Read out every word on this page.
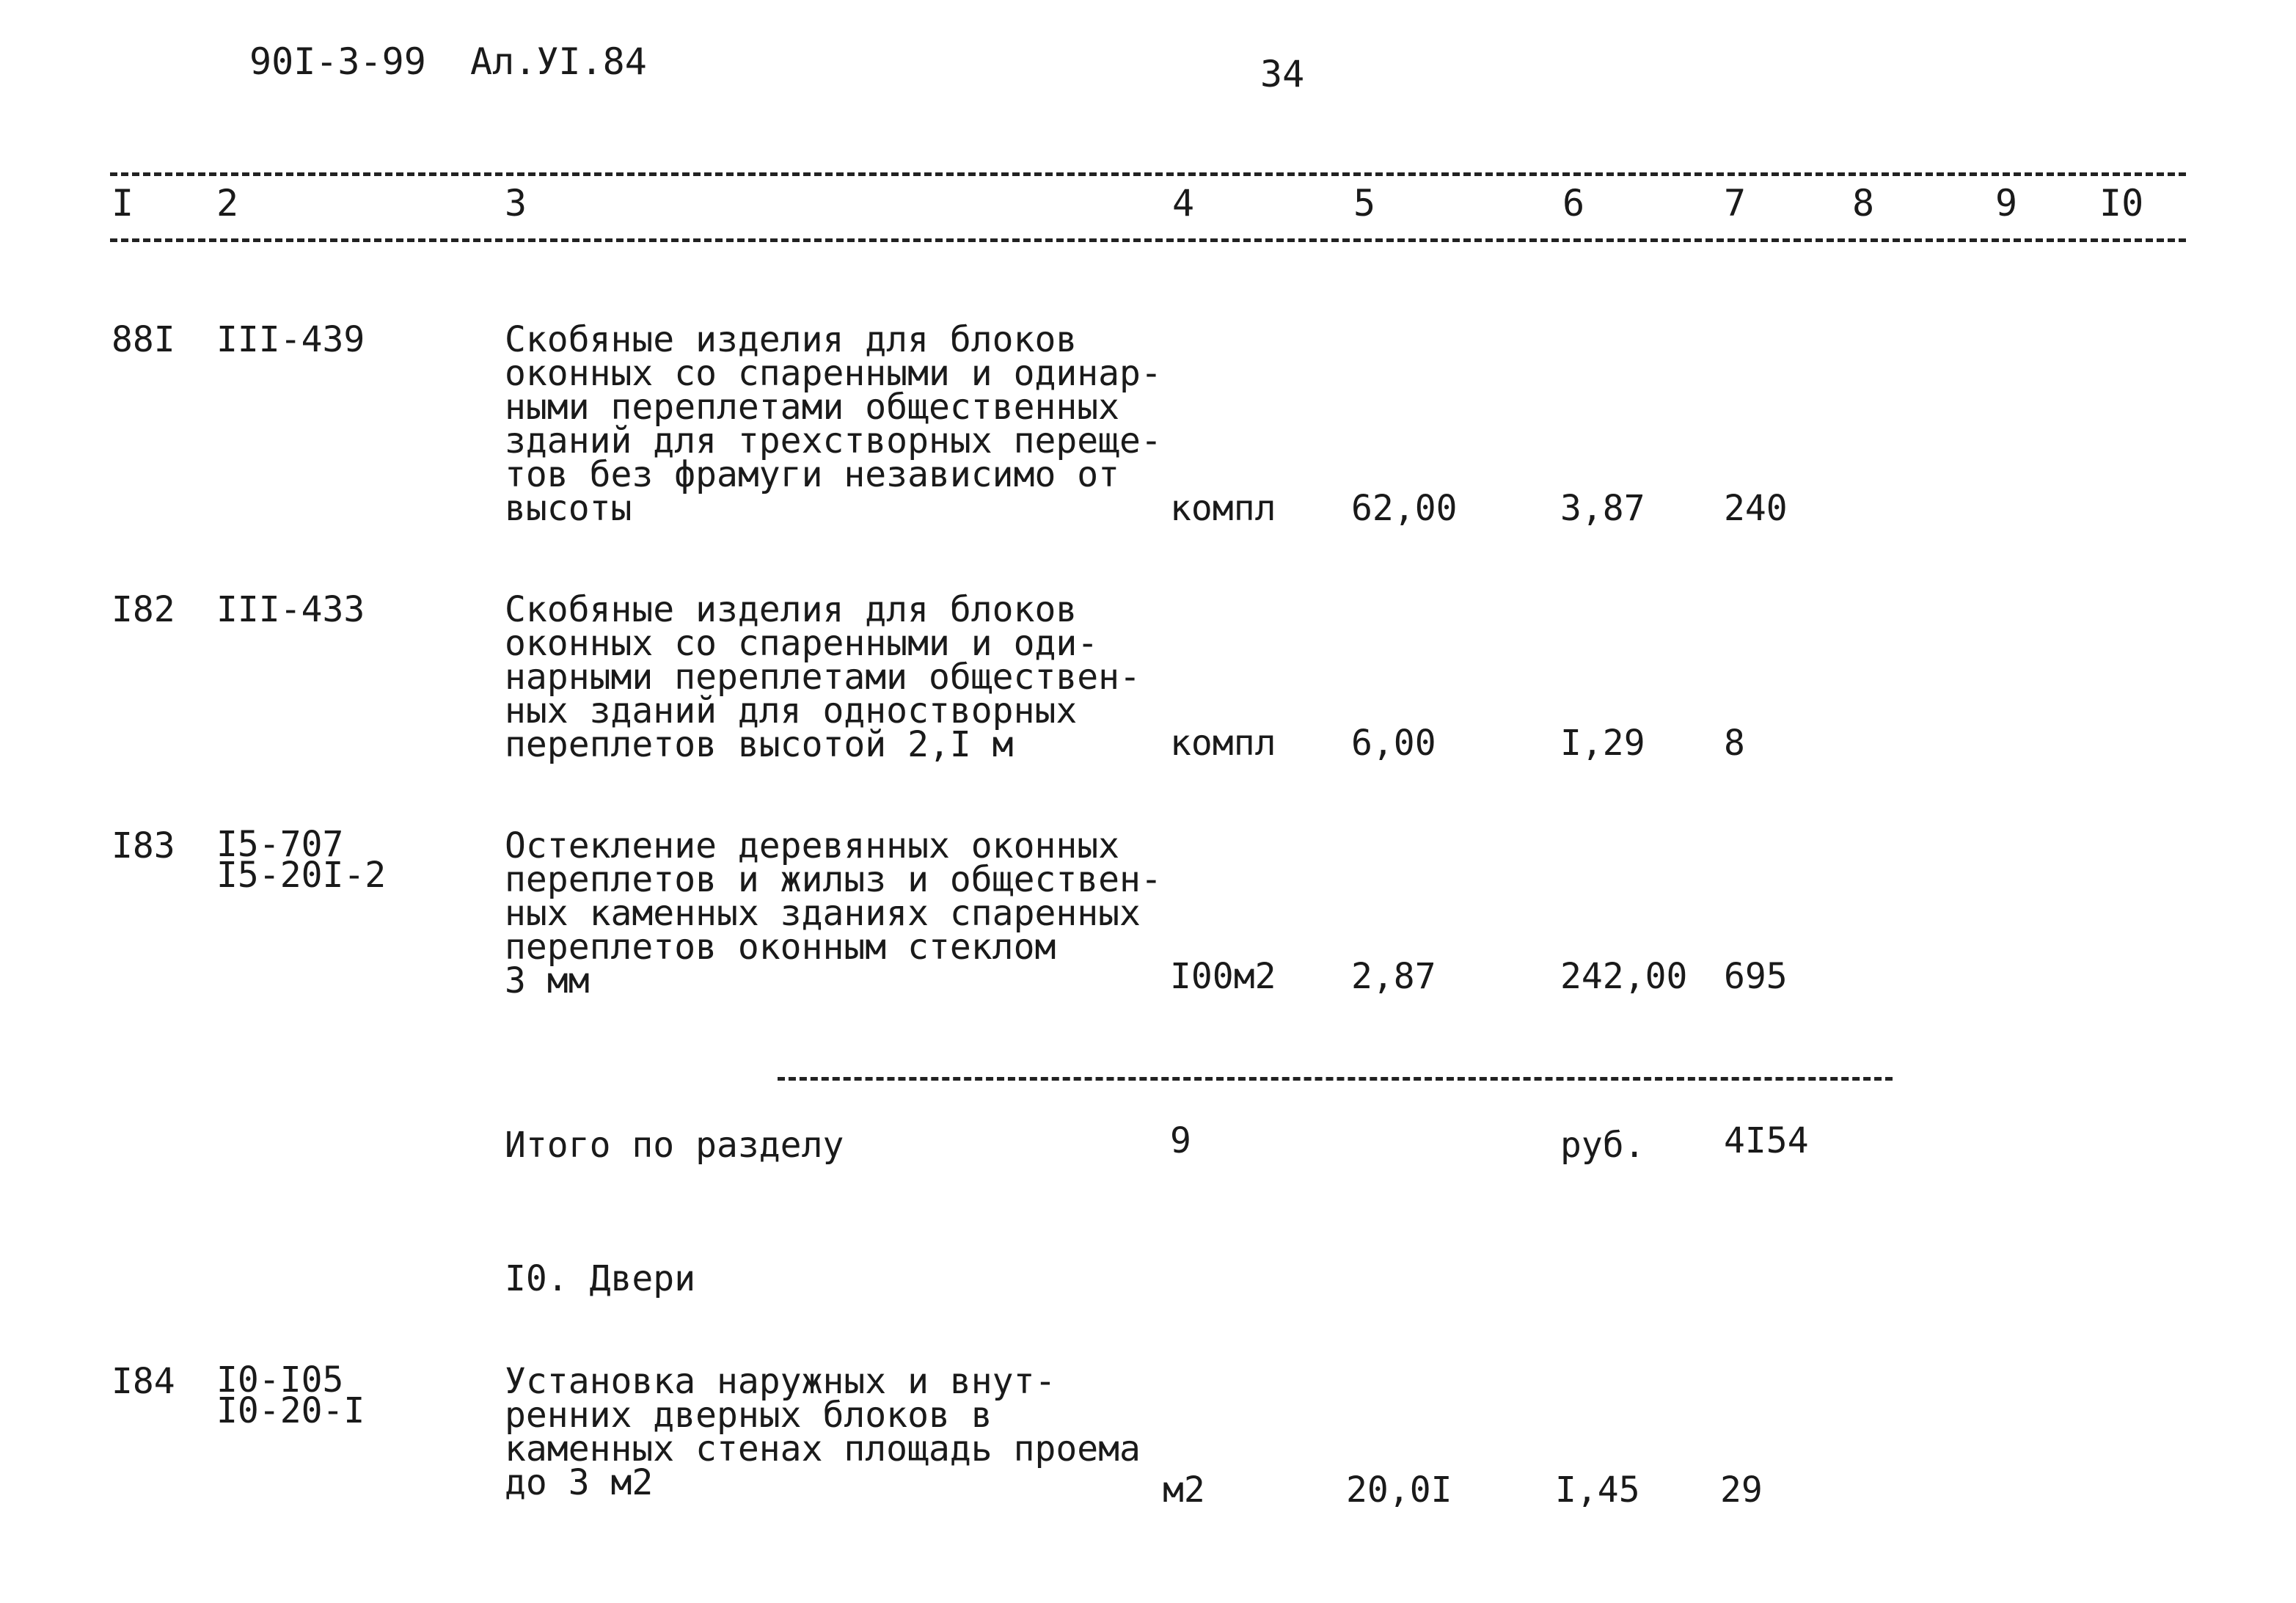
90I-3-99  Ал.УI.84	34
I 2	3	4	5	6	7	8	9 I0
88I III-439	Скобяные изделия для блоков
оконных со спаренными и одинар-
ными переплетами общественных
зданий для трехстворных перещe-
тов без фрамуги независимо от
высоты	компл 62,00	3,87 240
I82 III-433	Скобяные изделия для блоков
оконных со спаренными и оди-
нарными переплетами обществен-
ных зданий для одностворных
переплетов высотой 2,I м	компл 6,00	I,29 8
I83 I5-707
I5-20I-2
Остекление деревянных оконных
переплетов и жилыз и обществен-
ных каменных зданиях спаренных
переплетов оконным стеклом
3 мм	I00м2 2,87	242,00 695
Итого по разделу	9	руб. 4I54
I0. Двери
I84 I0-I05
I0-20-I
Установка наружных и внут-
ренних дверных блоков в
каменных стенах площадь проема
до 3 м2	м2	20,0I	I,45 29
